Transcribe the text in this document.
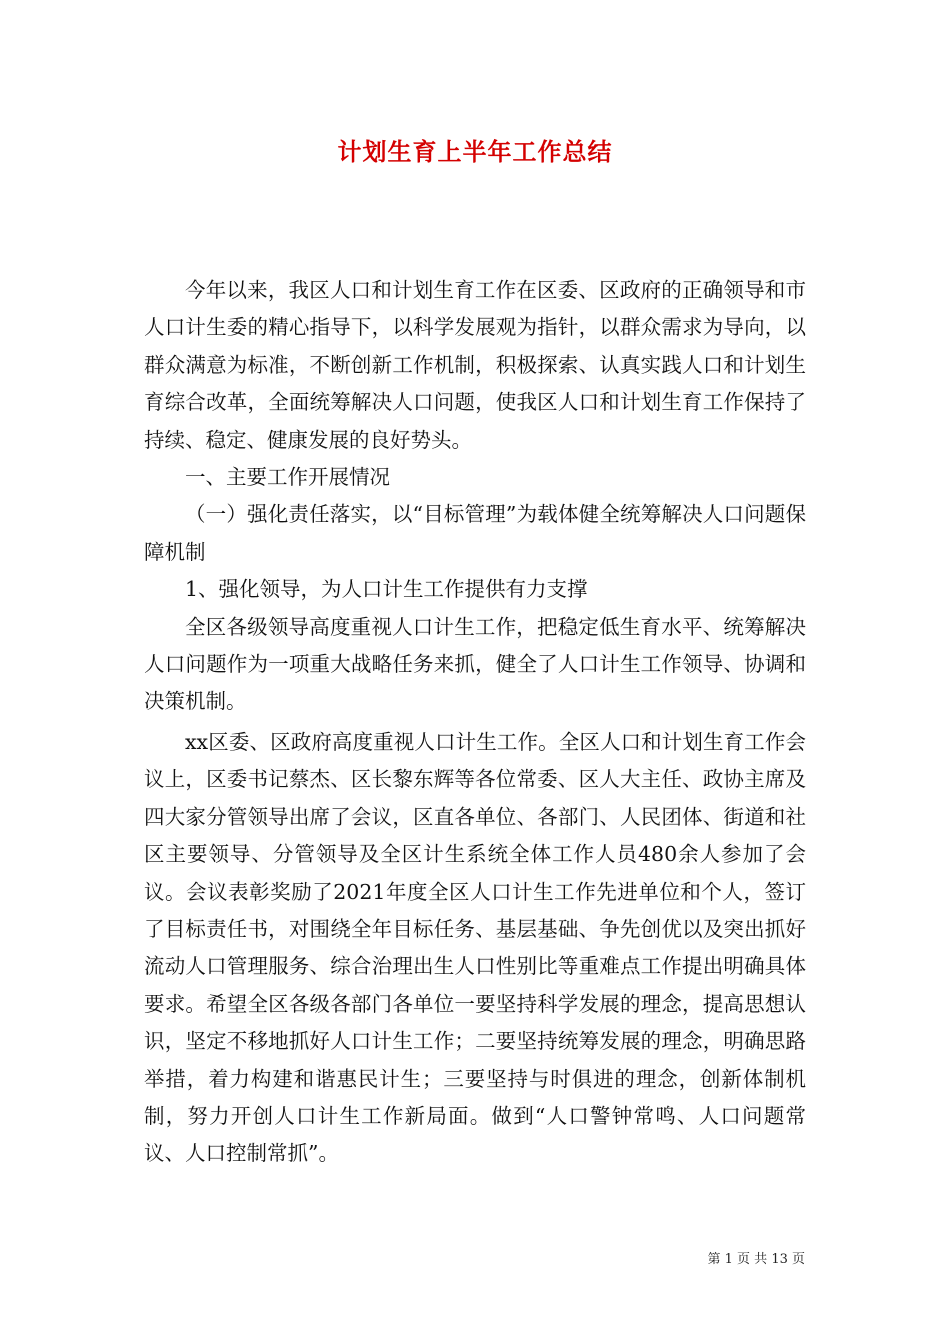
计划生育上半年工作总结

今年以来，我区人口和计划生育工作在区委、区政府的正确领导和市人口计生委的精心指导下，以科学发展观为指针，以群众需求为导向，以群众满意为标准，不断创新工作机制，积极探索、认真实践人口和计划生育综合改革，全面统筹解决人口问题，使我区人口和计划生育工作保持了持续、稳定、健康发展的良好势头。

一、主要工作开展情况

（一）强化责任落实，以“目标管理”为载体健全统筹解决人口问题保障机制

1、强化领导，为人口计生工作提供有力支撑

全区各级领导高度重视人口计生工作，把稳定低生育水平、统筹解决人口问题作为一项重大战略任务来抓，健全了人口计生工作领导、协调和决策机制。

xx区委、区政府高度重视人口计生工作。全区人口和计划生育工作会议上，区委书记蔡杰、区长黎东辉等各位常委、区人大主任、政协主席及四大家分管领导出席了会议，区直各单位、各部门、人民团体、街道和社区主要领导、分管领导及全区计生系统全体工作人员480余人参加了会议。会议表彰奖励了2021年度全区人口计生工作先进单位和个人，签订了目标责任书，对围绕全年目标任务、基层基础、争先创优以及突出抓好流动人口管理服务、综合治理出生人口性别比等重难点工作提出明确具体要求。希望全区各级各部门各单位一要坚持科学发展的理念，提高思想认识，坚定不移地抓好人口计生工作；二要坚持统筹发展的理念，明确思路举措，着力构建和谐惠民计生；三要坚持与时俱进的理念，创新体制机制，努力开创人口计生工作新局面。做到“人口警钟常鸣、人口问题常议、人口控制常抓”。

第 1 页 共 13 页
